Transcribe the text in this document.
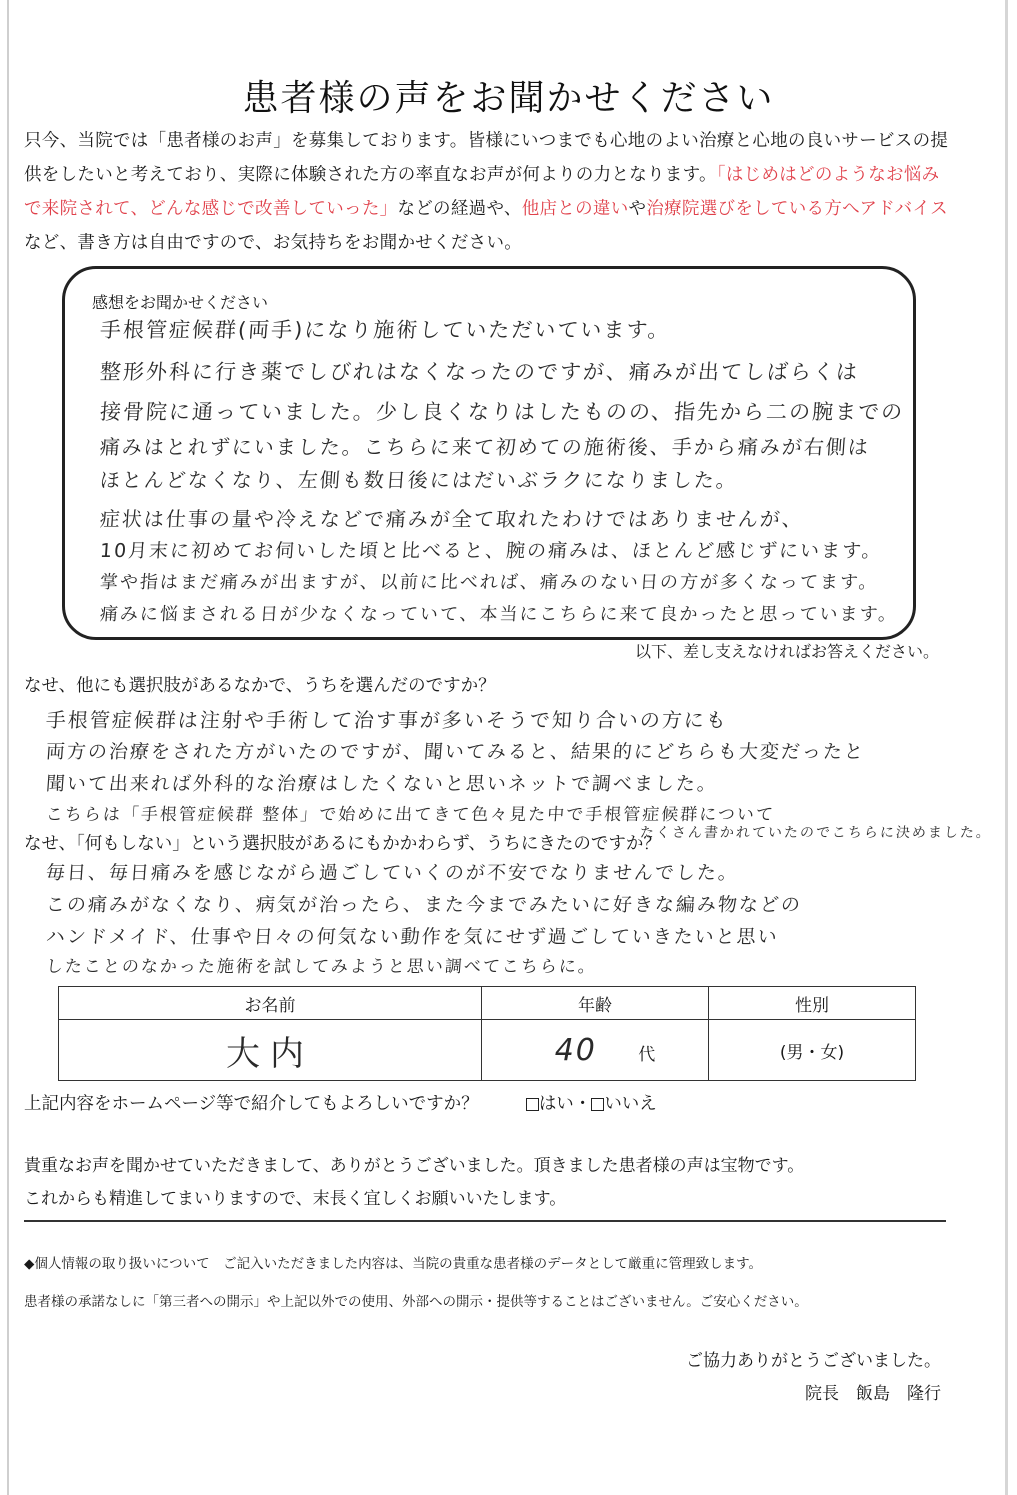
患者様の声をお聞かせください
只今、当院では「患者様のお声」を募集しております。皆様にいつまでも心地のよい治療と心地の良いサービスの提供をしたいと考えており、実際に体験された方の率直なお声が何よりの力となります。「はじめはどのようなお悩みで来院されて、どんな感じで改善していった」などの経過や、他店との違いや治療院選びをしている方へアドバイスなど、書き方は自由ですので、お気持ちをお聞かせください。
感想をお聞かせください
手根管症候群(両手)になり施術していただいています。
整形外科に行き薬でしびれはなくなったのですが、痛みが出てしばらくは
接骨院に通っていました。少し良くなりはしたものの、指先から二の腕までの
痛みはとれずにいました。こちらに来て初めての施術後、手から痛みが右側は
ほとんどなくなり、左側も数日後にはだいぶラクになりました。
症状は仕事の量や冷えなどで痛みが全て取れたわけではありませんが、
10月末に初めてお伺いした頃と比べると、腕の痛みは、ほとんど感じずにいます。
掌や指はまだ痛みが出ますが、以前に比べれば、痛みのない日の方が多くなってます。
痛みに悩まされる日が少なくなっていて、本当にこちらに来て良かったと思っています。
以下、差し支えなければお答えください。
なせ、他にも選択肢があるなかで、うちを選んだのですか？
手根管症候群は注射や手術して治す事が多いそうで知り合いの方にも
両方の治療をされた方がいたのですが、聞いてみると、結果的にどちらも大変だったと
聞いて出来れば外科的な治療はしたくないと思いネットで調べました。
こちらは「手根管症候群 整体」で始めに出てきて色々見た中で手根管症候群について
たくさん書かれていたのでこちらに決めました。
なせ、「何もしない」という選択肢があるにもかかわらず、うちにきたのですか？
毎日、毎日痛みを感じながら過ごしていくのが不安でなりませんでした。
この痛みがなくなり、病気が治ったら、また今までみたいに好きな編み物などの
ハンドメイド、仕事や日々の何気ない動作を気にせず過ごしていきたいと思い
したことのなかった施術を試してみようと思い調べてこちらに。
お名前	年齢	性別
大内	40 代	(男・女)
上記内容をホームページ等で紹介してもよろしいですか？	はい・ いいえ
貴重なお声を聞かせていただきまして、ありがとうございました。頂きました患者様の声は宝物です。
これからも精進してまいりますので、末長く宜しくお願いいたします。
◆個人情報の取り扱いについて　ご記入いただきました内容は、当院の貴重な患者様のデータとして厳重に管理致します。
患者様の承諾なしに「第三者への開示」や上記以外での使用、外部への開示・提供等することはございません。ご安心ください。
ご協力ありがとうございました。
院長　飯島　隆行
